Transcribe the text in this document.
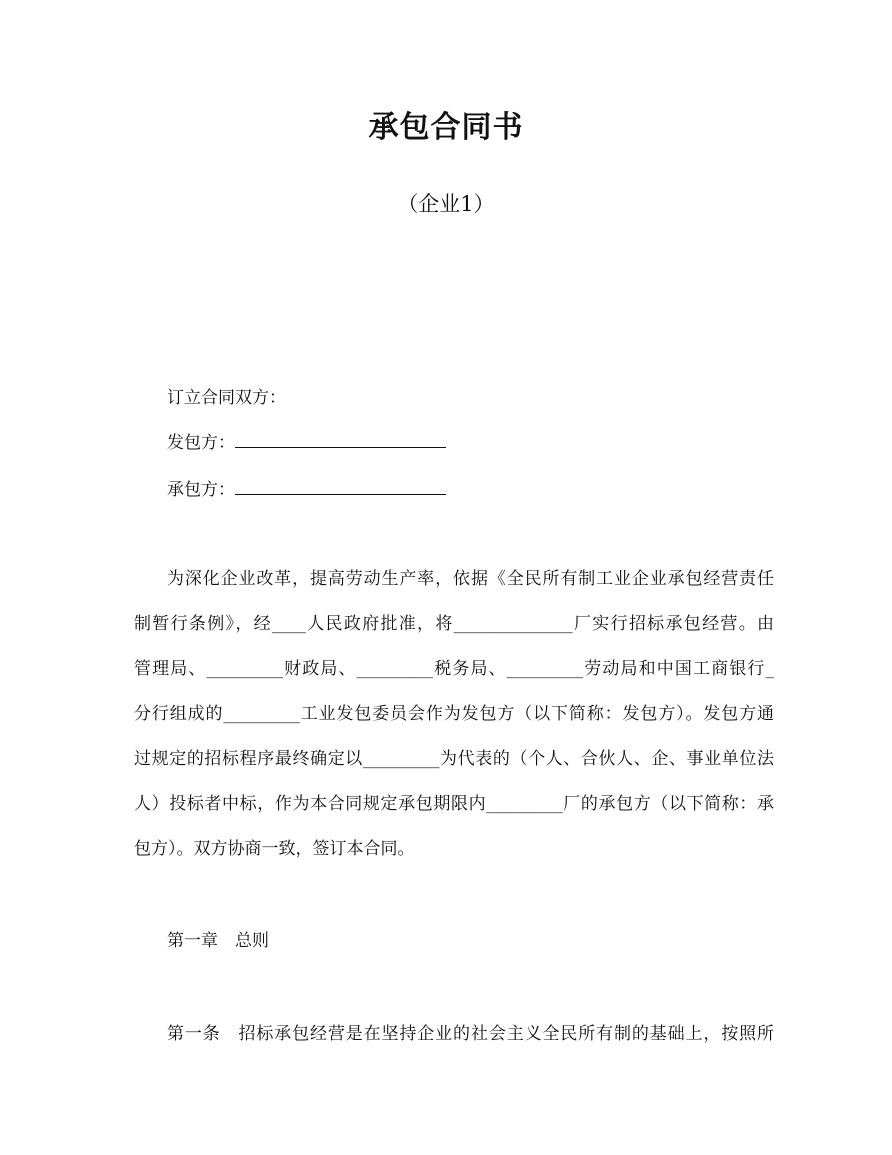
承包合同书
（企业1）
订立合同双方：
发包方：
承包方：
为深化企业改革，提高劳动生产率，依据《全民所有制工业企业承包经营责任
制暂行条例》，经____人民政府批准，将______________厂实行招标承包经营。由
管理局、_________财政局、_________税务局、_________劳动局和中国工商银行_
分行组成的_________工业发包委员会作为发包方（以下简称：发包方）。发包方通
过规定的招标程序最终确定以_________为代表的（个人、合伙人、企、事业单位法
人）投标者中标，作为本合同规定承包期限内_________厂的承包方（以下简称：承
包方）。双方协商一致，签订本合同。
第一章　总则
第一条　招标承包经营是在坚持企业的社会主义全民所有制的基础上，按照所
